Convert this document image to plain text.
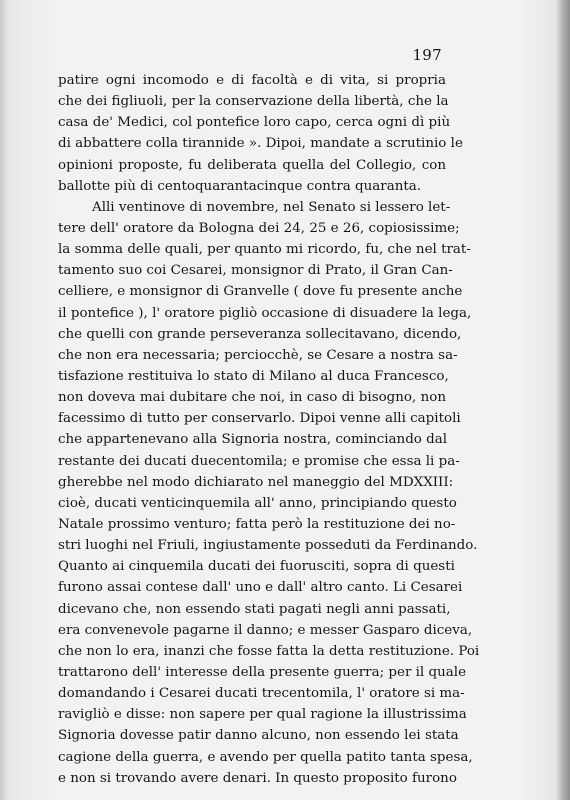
197
patire ogni incomodo e di facoltà e di vita, si propria
che dei figliuoli, per la conservazione della libertà, che la
casa de' Medici, col pontefice loro capo, cerca ogni dì più
di abbattere colla tirannide ». Dipoi, mandate a scrutinio le
opinioni proposte, fu deliberata quella del Collegio, con
ballotte più di centoquarantacinque contra quaranta.
Alli ventinove di novembre, nel Senato si lessero let-
tere dell' oratore da Bologna dei 24, 25 e 26, copiosissime;
la somma delle quali, per quanto mi ricordo, fu, che nel trat-
tamento suo coi Cesarei, monsignor di Prato, il Gran Can-
celliere, e monsignor di Granvelle ( dove fu presente anche
il pontefice ), l' oratore pigliò occasione di disuadere la lega,
che quelli con grande perseveranza sollecitavano, dicendo,
che non era necessaria; perciocchè, se Cesare a nostra sa-
tisfazione restituiva lo stato di Milano al duca Francesco,
non doveva mai dubitare che noi, in caso di bisogno, non
facessimo di tutto per conservarlo. Dipoi venne alli capitoli
che appartenevano alla Signoria nostra, cominciando dal
restante dei ducati duecentomila; e promise che essa li pa-
gherebbe nel modo dichiarato nel maneggio del MDXXIII:
cioè, ducati venticinquemila all' anno, principiando questo
Natale prossimo venturo; fatta però la restituzione dei no-
stri luoghi nel Friuli, ingiustamente posseduti da Ferdinando.
Quanto ai cinquemila ducati dei fuorusciti, sopra di questi
furono assai contese dall' uno e dall' altro canto. Li Cesarei
dicevano che, non essendo stati pagati negli anni passati,
era convenevole pagarne il danno; e messer Gasparo diceva,
che non lo era, inanzi che fosse fatta la detta restituzione. Poi
trattarono dell' interesse della presente guerra; per il quale
domandando i Cesarei ducati trecentomila, l' oratore si ma-
ravigliò e disse: non sapere per qual ragione la illustrissima
Signoria dovesse patir danno alcuno, non essendo lei stata
cagione della guerra, e avendo per quella patito tanta spesa,
e non si trovando avere denari. In questo proposito furono
